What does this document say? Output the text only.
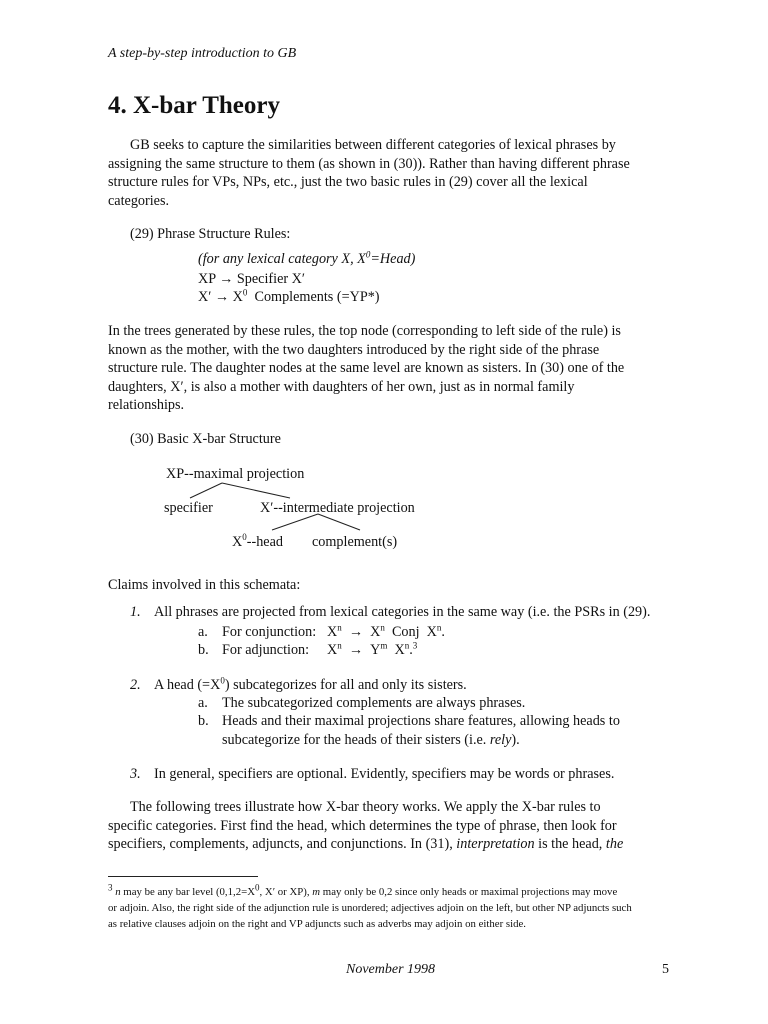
A step-by-step introduction to GB
4. X-bar Theory

GB seeks to capture the similarities between different categories of lexical phrases by

assigning the same structure to them (as shown in (30)). Rather than having different phrase

structure rules for VPs, NPs, etc., just the two basic rules in (29) cover all the lexical

categories.

(29) Phrase Structure Rules:
(for any lexical category X, $X^0=Head$)
XP → Specifier X′
$X' \to X^0$  Complements (=YP*)

In the trees generated by these rules, the top node (corresponding to left side of the rule) is

known as the mother, with the two daughters introduced by the right side of the phrase

structure rule. The daughter nodes at the same level are known as sisters. In (30) one of the

daughters, X′, is also a mother with daughters of her own, just as in normal family

relationships.

(30) Basic X-bar Structure
XP--maximal projection
specifier	X′--intermediate projection
$X^0-$-head complement(s)
Claims involved in this schemata:
1. All phrases are projected from lexical categories in the same way (i.e. the PSRs in (29).
a. For conjunction: $X^n \to X^n$  Conj  $X^n$.
b. For adjunction: $X^n \to Y^m$  $X^n.^3$
2. A head $(=X^0)$ subcategorizes for all and only its sisters.
a. The subcategorized complements are always phrases.
b. Heads and their maximal projections share features, allowing heads to
subcategorize for the heads of their sisters (i.e. rely).
3. In general, specifiers are optional. Evidently, specifiers may be words or phrases.

The following trees illustrate how X-bar theory works. We apply the X-bar rules to

specific categories. First find the head, which determines the type of phrase, then look for

specifiers, complements, adjuncts, and conjunctions. In (31), interpretation is the head, the

$^3$ n may be any bar level ($0,1,2=X^0$, X′ or XP), m may only be 0,2 since only heads or maximal projections may move
or adjoin. Also, the right side of the adjunction rule is unordered; adjectives adjoin on the left, but other NP adjuncts such
as relative clauses adjoin on the right and VP adjuncts such as adverbs may adjoin on either side.
November 1998	5
